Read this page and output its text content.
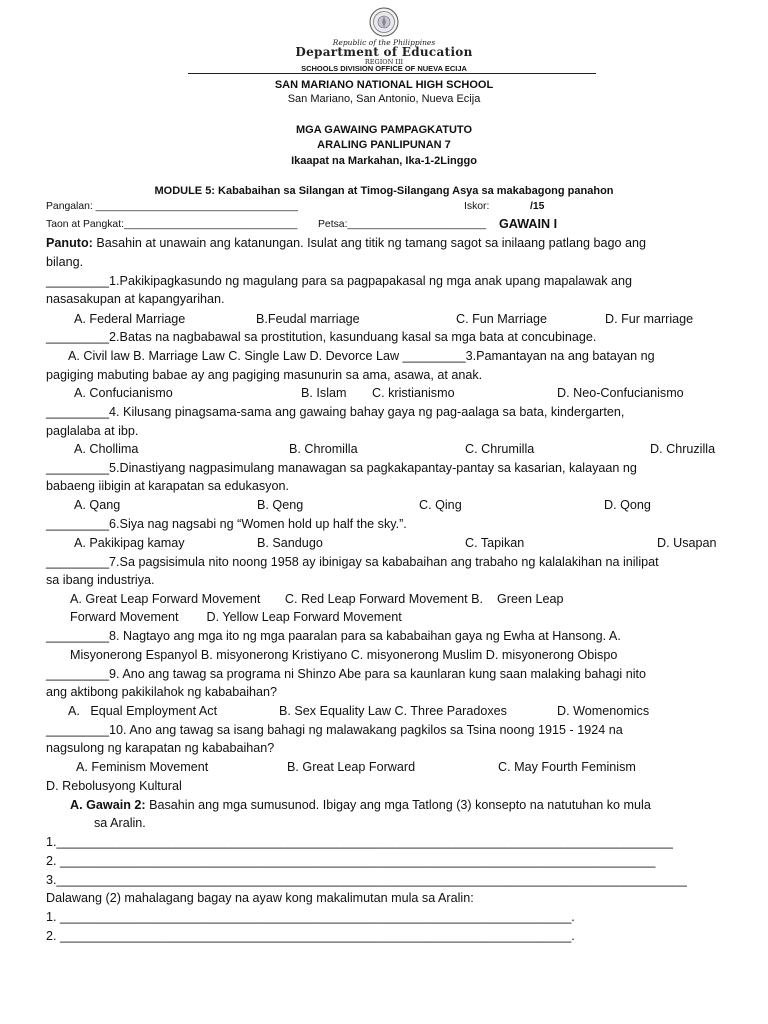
Republic of the Philippines
Department of Education
REGION III
SCHOOLS DIVISION OFFICE OF NUEVA ECIJA
SAN MARIANO NATIONAL HIGH SCHOOL
San Mariano, San Antonio, Nueva Ecija
MGA GAWAING PAMPAGKATUTO
ARALING PANLIPUNAN 7
Ikaapat na Markahan, Ika-1-2Linggo
MODULE 5: Kababaihan sa Silangan at Timog-Silangang Asya sa makabagong panahon
Pangalan: ___________________________________	Iskor:	/15
Taon at Pangkat:______________________________ Petsa:________________________ GAWAIN I
Panuto: Basahin at unawain ang katanungan. Isulat ang titik ng tamang sagot sa inilaang patlang bago ang
bilang.
_________1.Pakikipagkasundo ng magulang para sa pagpapakasal ng mga anak upang mapalawak ang
nasasakupan at kapangyarihan.
A. Federal Marriage	B.Feudal marriage	C. Fun Marriage	D. Fur marriage
_________2.Batas na nagbabawal sa prostitution, kasunduang kasal sa mga bata at concubinage.
A. Civil law B. Marriage Law C. Single Law D. Devorce Law _________3.Pamantayan na ang batayan ng
pagiging mabuting babae ay ang pagiging masunurin sa ama, asawa, at anak.
A. Confucianismo	B. Islam C. kristianismo	D. Neo-Confucianismo
_________4. Kilusang pinagsama-sama ang gawaing bahay gaya ng pag-aalaga sa bata, kindergarten,
paglalaba at ibp.
A. Chollima	B. Chromilla	C. Chrumilla	D. Chruzilla
_________5.Dinastiyang nagpasimulang manawagan sa pagkakapantay-pantay sa kasarian, kalayaan ng
babaeng iibigin at karapatan sa edukasyon.
A. Qang	B. Qeng	C. Qing	D. Qong
_________6.Siya nag nagsabi ng “Women hold up half the sky.”.
A. Pakikipag kamay	B. Sandugo	C. Tapikan	D. Usapan
_________7.Sa pagsisimula nito noong 1958 ay ibinigay sa kababaihan ang trabaho ng kalalakihan na inilipat
sa ibang industriya.
A. Great Leap Forward Movement       C. Red Leap Forward Movement B.    Green Leap
Forward Movement        D. Yellow Leap Forward Movement
_________8. Nagtayo ang mga ito ng mga paaralan para sa kababaihan gaya ng Ewha at Hansong. A.
Misyonerong Espanyol B. misyonerong Kristiyano C. misyonerong Muslim D. misyonerong Obispo
_________9. Ano ang tawag sa programa ni Shinzo Abe para sa kaunlaran kung saan malaking bahagi nito
ang aktibong pakikilahok ng kababaihan?
A.   Equal Employment Act	B. Sex Equality Law C. Three Paradoxes	D. Womenomics
_________10. Ano ang tawag sa isang bahagi ng malawakang pagkilos sa Tsina noong 1915 - 1924 na
nagsulong ng karapatan ng kababaihan?
A. Feminism Movement	B. Great Leap Forward	C. May Fourth Feminism
D. Rebolusyong Kultural
A. Gawain 2: Basahin ang mga sumusunod. Ibigay ang mga Tatlong (3) konsepto na natutuhan ko mula
sa Aralin.
1.________________________________________________________________________________________
2. _____________________________________________________________________________________
3.__________________________________________________________________________________________
Dalawang (2) mahalagang bagay na ayaw kong makalimutan mula sa Aralin:
1. _________________________________________________________________________.
2. _________________________________________________________________________.
